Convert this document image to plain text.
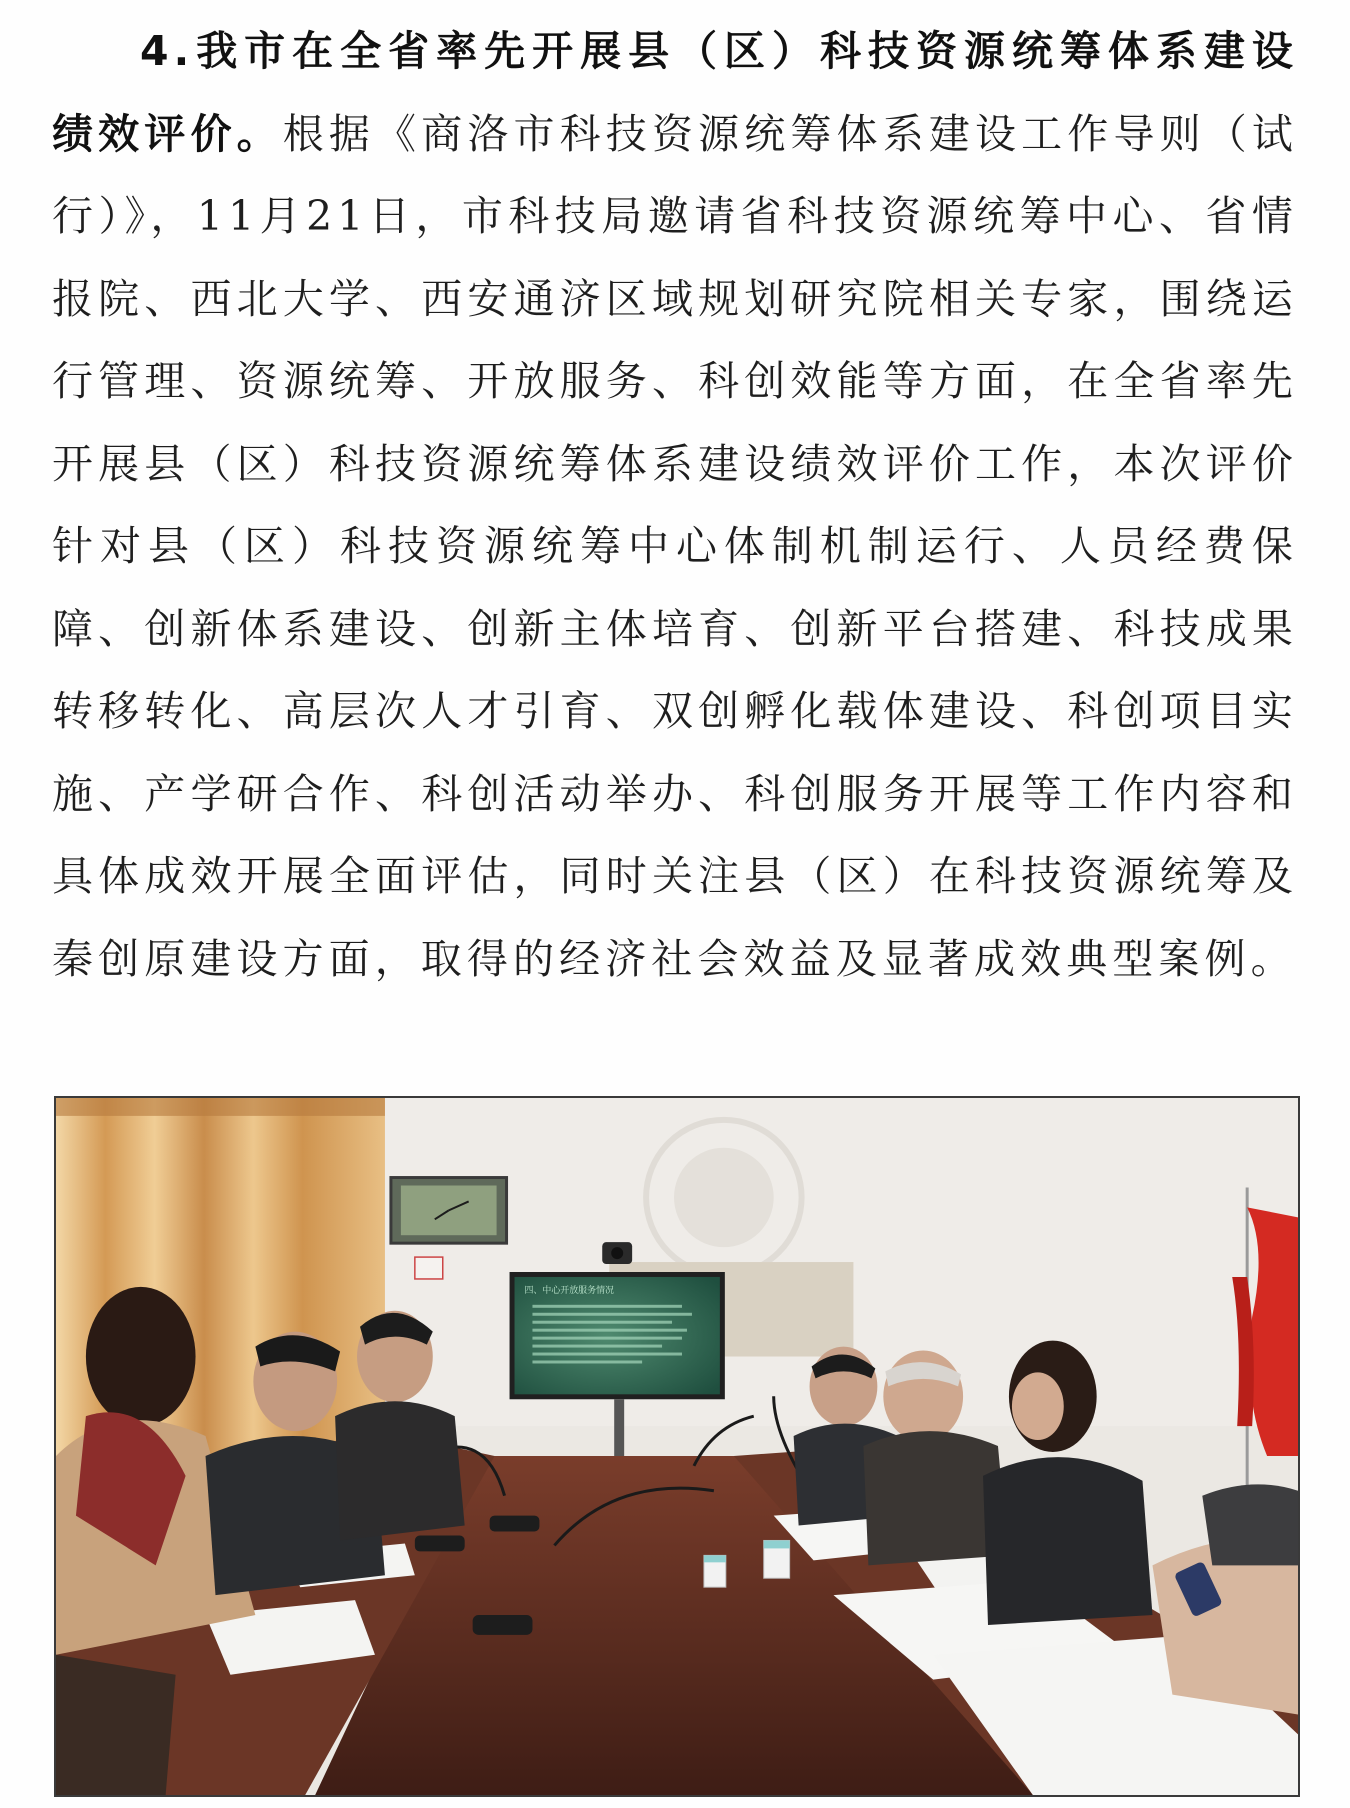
4.我市在全省率先开展县（区）科技资源统筹体系建设绩效评价。根据《商洛市科技资源统筹体系建设工作导则（试行）》，11月21日，市科技局邀请省科技资源统筹中心、省情报院、西北大学、西安通济区域规划研究院相关专家，围绕运行管理、资源统筹、开放服务、科创效能等方面，在全省率先开展县（区）科技资源统筹体系建设绩效评价工作，本次评价针对县（区）科技资源统筹中心体制机制运行、人员经费保障、创新体系建设、创新主体培育、创新平台搭建、科技成果转移转化、高层次人才引育、双创孵化载体建设、科创项目实施、产学研合作、科创活动举办、科创服务开展等工作内容和具体成效开展全面评估，同时关注县（区）在科技资源统筹及秦创原建设方面，取得的经济社会效益及显著成效典型案例。

四、中心开放服务情况
